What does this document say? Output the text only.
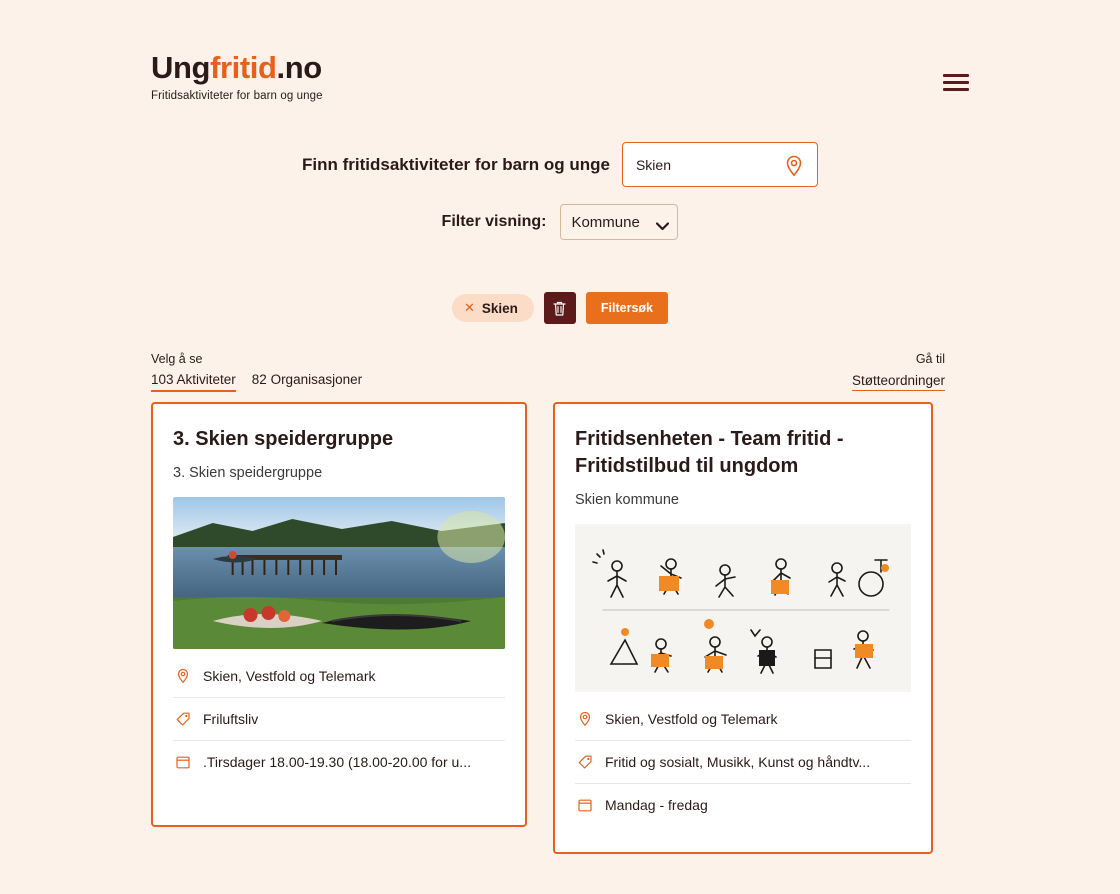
Ungfritid.no
Fritidsaktiviteter for barn og unge
Finn fritidsaktiviteter for barn og unge
Skien
Filter visning:	Kommune
✕ Skien	Filtersøk
Velg å se
103 Aktiviteter 82 Organisasjoner
Gå til
Støtteordninger
3. Skien speidergruppe

3. Skien speidergruppe

Skien, Vestfold og Telemark
Friluftsliv
.Tirsdager 18.00-19.30 (18.00-20.00 for u...
Fritidsenheten - Team fritid - Fritidstilbud til ungdom

Skien kommune

Skien, Vestfold og Telemark
Fritid og sosialt, Musikk, Kunst og håndtv...
Mandag - fredag
